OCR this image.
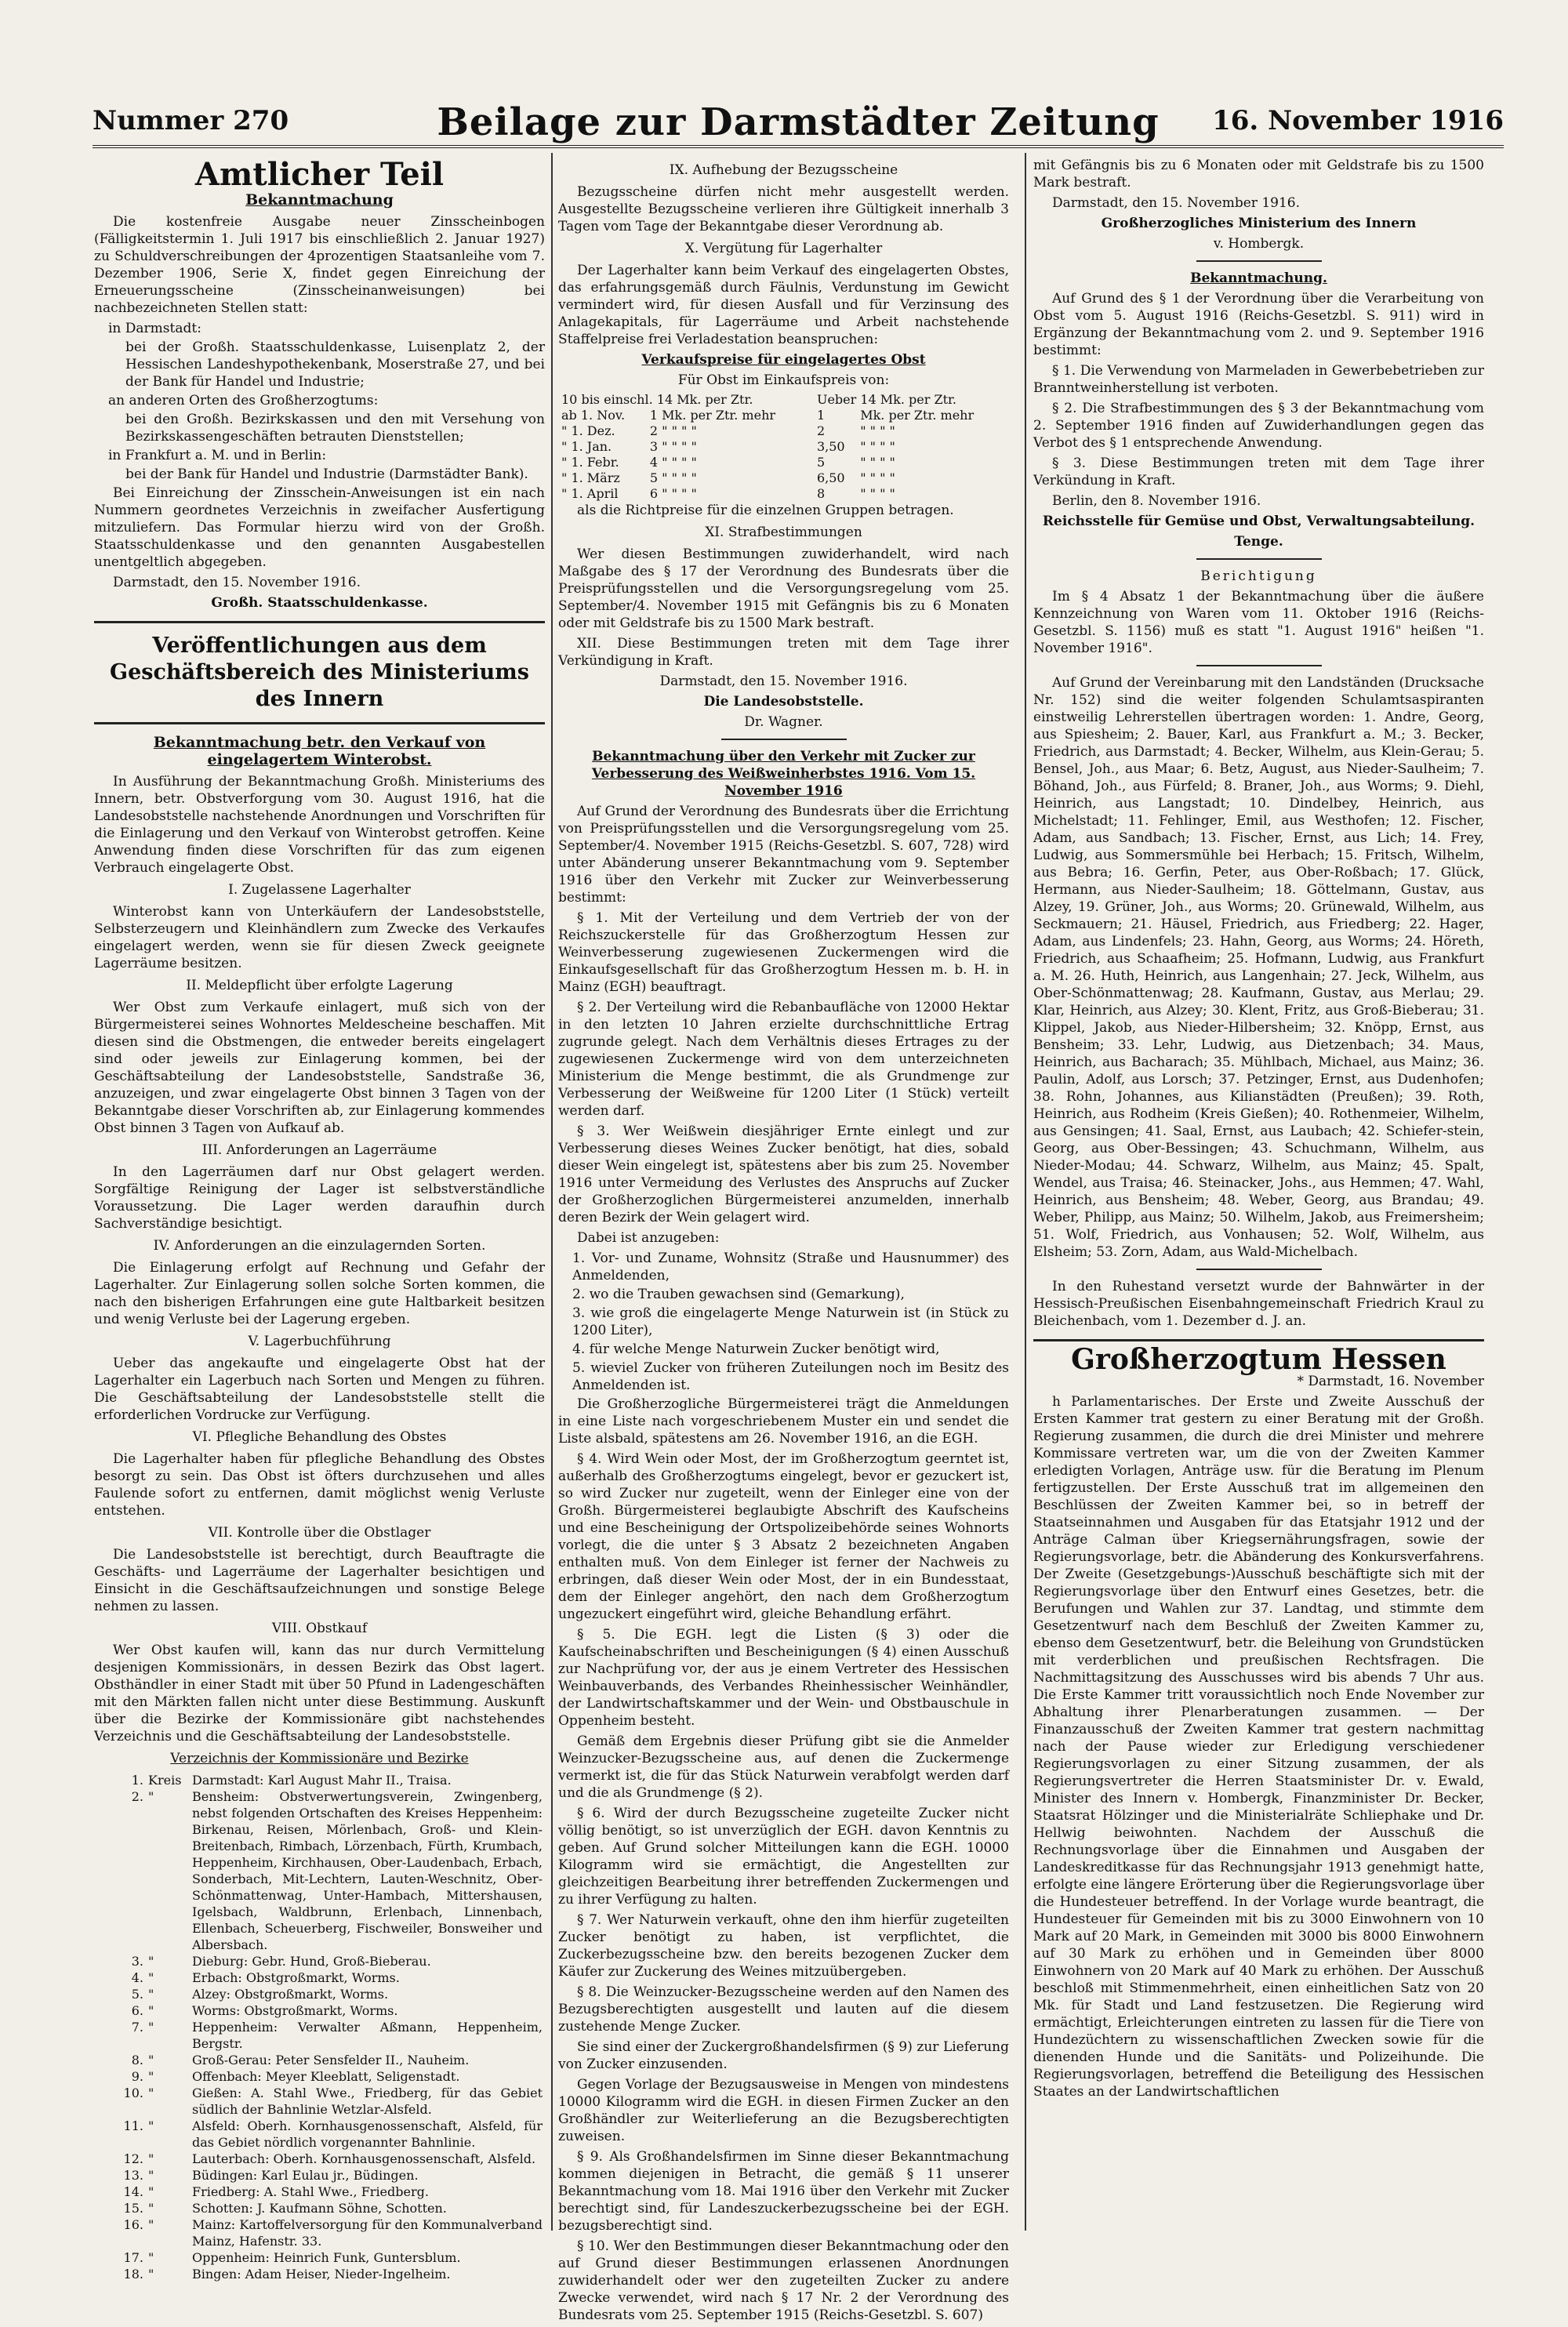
Nummer 270	Beilage zur Darmstädter Zeitung	16. November 1916
Amtlicher Teil
Bekanntmachung

Die kostenfreie Ausgabe neuer Zinsscheinbogen (Fälligkeitstermin 1. Juli 1917 bis einschließlich 2. Januar 1927) zu Schuldverschreibungen der 4prozentigen Staatsanleihe vom 7. Dezember 1906, Serie X, findet gegen Einreichung der Erneuerungsscheine (Zinsscheinanweisungen) bei nachbezeichneten Stellen statt:

in Darmstadt:

bei der Großh. Staatsschuldenkasse, Luisenplatz 2, der Hessischen Landeshypothekenbank, Moserstraße 27, und bei der Bank für Handel und Industrie;

an anderen Orten des Großherzogtums:

bei den Großh. Bezirkskassen und den mit Versehung von Bezirkskassengeschäften betrauten Dienststellen;

in Frankfurt a. M. und in Berlin:

bei der Bank für Handel und Industrie (Darmstädter Bank).

Bei Einreichung der Zinsschein-Anweisungen ist ein nach Nummern geordnetes Verzeichnis in zweifacher Ausfertigung mitzuliefern. Das Formular hierzu wird von der Großh. Staatsschuldenkasse und den genannten Ausgabestellen unentgeltlich abgegeben.

Darmstadt, den 15. November 1916.

Großh. Staatsschuldenkasse.

Veröffentlichungen aus dem Geschäftsbereich des Ministeriums des Innern
Bekanntmachung betr. den Verkauf von eingelagertem Winterobst.

In Ausführung der Bekanntmachung Großh. Ministeriums des Innern, betr. Obstverforgung vom 30. August 1916, hat die Landesobststelle nachstehende Anordnungen und Vorschriften für die Einlagerung und den Verkauf von Winterobst getroffen. Keine Anwendung finden diese Vorschriften für das zum eigenen Verbrauch eingelagerte Obst.

I. Zugelassene Lagerhalter

Winterobst kann von Unterkäufern der Landesobststelle, Selbsterzeugern und Kleinhändlern zum Zwecke des Verkaufes eingelagert werden, wenn sie für diesen Zweck geeignete Lagerräume besitzen.

II. Meldepflicht über erfolgte Lagerung

Wer Obst zum Verkaufe einlagert, muß sich von der Bürgermeisterei seines Wohnortes Meldescheine beschaffen. Mit diesen sind die Obstmengen, die entweder bereits eingelagert sind oder jeweils zur Einlagerung kommen, bei der Geschäftsabteilung der Landesobststelle, Sandstraße 36, anzuzeigen, und zwar eingelagerte Obst binnen 3 Tagen von der Bekanntgabe dieser Vorschriften ab, zur Einlagerung kommendes Obst binnen 3 Tagen von Aufkauf ab.

III. Anforderungen an Lagerräume

In den Lagerräumen darf nur Obst gelagert werden. Sorgfältige Reinigung der Lager ist selbstverständliche Voraussetzung. Die Lager werden daraufhin durch Sachverständige besichtigt.

IV. Anforderungen an die einzulagernden Sorten.

Die Einlagerung erfolgt auf Rechnung und Gefahr der Lagerhalter. Zur Einlagerung sollen solche Sorten kommen, die nach den bisherigen Erfahrungen eine gute Haltbarkeit besitzen und wenig Verluste bei der Lagerung ergeben.

V. Lagerbuchführung

Ueber das angekaufte und eingelagerte Obst hat der Lagerhalter ein Lagerbuch nach Sorten und Mengen zu führen. Die Geschäftsabteilung der Landesobststelle stellt die erforderlichen Vordrucke zur Verfügung.

VI. Pflegliche Behandlung des Obstes

Die Lagerhalter haben für pflegliche Behandlung des Obstes besorgt zu sein. Das Obst ist öfters durchzusehen und alles Faulende sofort zu entfernen, damit möglichst wenig Verluste entstehen.

VII. Kontrolle über die Obstlager

Die Landesobststelle ist berechtigt, durch Beauftragte die Geschäfts- und Lagerräume der Lagerhalter besichtigen und Einsicht in die Geschäftsaufzeichnungen und sonstige Belege nehmen zu lassen.

VIII. Obstkauf

Wer Obst kaufen will, kann das nur durch Vermittelung desjenigen Kommissionärs, in dessen Bezirk das Obst lagert. Obsthändler in einer Stadt mit über 50 Pfund in Ladengeschäften mit den Märkten fallen nicht unter diese Bestimmung. Auskunft über die Bezirke der Kommissionäre gibt nachstehendes Verzeichnis und die Geschäftsabteilung der Landesobststelle.

Verzeichnis der Kommissionäre und Bezirke
1.	Kreis	Darmstadt: Karl August Mahr II., Traisa.
2.	"	Bensheim: Obstverwertungsverein, Zwingenberg, nebst folgenden Ortschaften des Kreises Heppenheim: Birkenau, Reisen, Mörlenbach, Groß- und Klein-Breitenbach, Rimbach, Lörzenbach, Fürth, Krumbach, Heppenheim, Kirchhausen, Ober-Laudenbach, Erbach, Sonderbach, Mit-Lechtern, Lauten-Weschnitz, Ober-Schönmattenwag, Unter-Hambach, Mittershausen, Igelsbach, Waldbrunn, Erlenbach, Linnenbach, Ellenbach, Scheuerberg, Fischweiler, Bonsweiher und Albersbach.
3.	"	Dieburg: Gebr. Hund, Groß-Bieberau.
4.	"	Erbach: Obstgroßmarkt, Worms.
5.	"	Alzey: Obstgroßmarkt, Worms.
6.	"	Worms: Obstgroßmarkt, Worms.
7.	"	Heppenheim: Verwalter Aßmann, Heppenheim, Bergstr.
8.	"	Groß-Gerau: Peter Sensfelder II., Nauheim.
9.	"	Offenbach: Meyer Kleeblatt, Seligenstadt.
10.	"	Gießen: A. Stahl Wwe., Friedberg, für das Gebiet südlich der Bahnlinie Wetzlar-Alsfeld.
11.	"	Alsfeld: Oberh. Kornhausgenossenschaft, Alsfeld, für das Gebiet nördlich vorgenannter Bahnlinie.
12.	"	Lauterbach: Oberh. Kornhausgenossenschaft, Alsfeld.
13.	"	Büdingen: Karl Eulau jr., Büdingen.
14.	"	Friedberg: A. Stahl Wwe., Friedberg.
15.	"	Schotten: J. Kaufmann Söhne, Schotten.
16.	"	Mainz: Kartoffelversorgung für den Kommunalverband Mainz, Hafenstr. 33.
17.	"	Oppenheim: Heinrich Funk, Guntersblum.
18.	"	Bingen: Adam Heiser, Nieder-Ingelheim.
IX. Aufhebung der Bezugsscheine

Bezugsscheine dürfen nicht mehr ausgestellt werden. Ausgestellte Bezugsscheine verlieren ihre Gültigkeit innerhalb 3 Tagen vom Tage der Bekanntgabe dieser Verordnung ab.

X. Vergütung für Lagerhalter

Der Lagerhalter kann beim Verkauf des eingelagerten Obstes, das erfahrungsgemäß durch Fäulnis, Verdunstung im Gewicht vermindert wird, für diesen Ausfall und für Verzinsung des Anlagekapitals, für Lagerräume und Arbeit nachstehende Staffelpreise frei Verladestation beanspruchen:

Verkaufspreise für eingelagertes Obst

Für Obst im Einkaufspreis von:

10 bis einschl. 14 Mk. per Ztr.		Ueber 14 Mk. per Ztr.	
ab 1. Nov.	1 Mk. per Ztr. mehr	1	Mk. per Ztr. mehr
" 1. Dez.	2 " " " "	2	" " " "
" 1. Jan.	3 " " " "	3,50	" " " "
" 1. Febr.	4 " " " "	5	" " " "
" 1. März	5 " " " "	6,50	" " " "
" 1. April	6 " " " "	8	" " " "

als die Richtpreise für die einzelnen Gruppen betragen.

XI. Strafbestimmungen

Wer diesen Bestimmungen zuwiderhandelt, wird nach Maßgabe des § 17 der Verordnung des Bundesrats über die Preisprüfungsstellen und die Versorgungsregelung vom 25. September/4. November 1915 mit Gefängnis bis zu 6 Monaten oder mit Geldstrafe bis zu 1500 Mark bestraft.

XII. Diese Bestimmungen treten mit dem Tage ihrer Verkündigung in Kraft.

Darmstadt, den 15. November 1916.

Die Landesobststelle.

Dr. Wagner.

Bekanntmachung über den Verkehr mit Zucker zur Verbesserung des Weißweinherbstes 1916. Vom 15. November 1916

Auf Grund der Verordnung des Bundesrats über die Errichtung von Preisprüfungsstellen und die Versorgungsregelung vom 25. September/4. November 1915 (Reichs-Gesetzbl. S. 607, 728) wird unter Abänderung unserer Bekanntmachung vom 9. September 1916 über den Verkehr mit Zucker zur Weinverbesserung bestimmt:

§ 1. Mit der Verteilung und dem Vertrieb der von der Reichszuckerstelle für das Großherzogtum Hessen zur Weinverbesserung zugewiesenen Zuckermengen wird die Einkaufsgesellschaft für das Großherzogtum Hessen m. b. H. in Mainz (EGH) beauftragt.

§ 2. Der Verteilung wird die Rebanbaufläche von 12000 Hektar in den letzten 10 Jahren erzielte durchschnittliche Ertrag zugrunde gelegt. Nach dem Verhältnis dieses Ertrages zu der zugewiesenen Zuckermenge wird von dem unterzeichneten Ministerium die Menge bestimmt, die als Grundmenge zur Verbesserung der Weißweine für 1200 Liter (1 Stück) verteilt werden darf.

§ 3. Wer Weißwein diesjähriger Ernte einlegt und zur Verbesserung dieses Weines Zucker benötigt, hat dies, sobald dieser Wein eingelegt ist, spätestens aber bis zum 25. November 1916 unter Vermeidung des Verlustes des Anspruchs auf Zucker der Großherzoglichen Bürgermeisterei anzumelden, innerhalb deren Bezirk der Wein gelagert wird.

Dabei ist anzugeben:

1. Vor- und Zuname, Wohnsitz (Straße und Hausnummer) des Anmeldenden,

2. wo die Trauben gewachsen sind (Gemarkung),

3. wie groß die eingelagerte Menge Naturwein ist (in Stück zu 1200 Liter),

4. für welche Menge Naturwein Zucker benötigt wird,

5. wieviel Zucker von früheren Zuteilungen noch im Besitz des Anmeldenden ist.

Die Großherzogliche Bürgermeisterei trägt die Anmeldungen in eine Liste nach vorgeschriebenem Muster ein und sendet die Liste alsbald, spätestens am 26. November 1916, an die EGH.

§ 4. Wird Wein oder Most, der im Großherzogtum geerntet ist, außerhalb des Großherzogtums eingelegt, bevor er gezuckert ist, so wird Zucker nur zugeteilt, wenn der Einleger eine von der Großh. Bürgermeisterei beglaubigte Abschrift des Kaufscheins und eine Bescheinigung der Ortspolizeibehörde seines Wohnorts vorlegt, die die unter § 3 Absatz 2 bezeichneten Angaben enthalten muß. Von dem Einleger ist ferner der Nachweis zu erbringen, daß dieser Wein oder Most, der in ein Bundesstaat, dem der Einleger angehört, den nach dem Großherzogtum ungezuckert eingeführt wird, gleiche Behandlung erfährt.

§ 5. Die EGH. legt die Listen (§ 3) oder die Kaufscheinabschriften und Bescheinigungen (§ 4) einen Ausschuß zur Nachprüfung vor, der aus je einem Vertreter des Hessischen Weinbauverbands, des Verbandes Rheinhessischer Weinhändler, der Landwirtschaftskammer und der Wein- und Obstbauschule in Oppenheim besteht.

Gemäß dem Ergebnis dieser Prüfung gibt sie die Anmelder Weinzucker-Bezugsscheine aus, auf denen die Zuckermenge vermerkt ist, die für das Stück Naturwein verabfolgt werden darf und die als Grundmenge (§ 2).

§ 6. Wird der durch Bezugsscheine zugeteilte Zucker nicht völlig benötigt, so ist unverzüglich der EGH. davon Kenntnis zu geben. Auf Grund solcher Mitteilungen kann die EGH. 10000 Kilogramm wird sie ermächtigt, die Angestellten zur gleichzeitigen Bearbeitung ihrer betreffenden Zuckermengen und zu ihrer Verfügung zu halten.

§ 7. Wer Naturwein verkauft, ohne den ihm hierfür zugeteilten Zucker benötigt zu haben, ist verpflichtet, die Zuckerbezugsscheine bzw. den bereits bezogenen Zucker dem Käufer zur Zuckerung des Weines mitzuübergeben.

§ 8. Die Weinzucker-Bezugsscheine werden auf den Namen des Bezugsberechtigten ausgestellt und lauten auf die diesem zustehende Menge Zucker.

Sie sind einer der Zuckergroßhandelsfirmen (§ 9) zur Lieferung von Zucker einzusenden.

Gegen Vorlage der Bezugsausweise in Mengen von mindestens 10000 Kilogramm wird die EGH. in diesen Firmen Zucker an den Großhändler zur Weiterlieferung an die Bezugsberechtigten zuweisen.

§ 9. Als Großhandelsfirmen im Sinne dieser Bekanntmachung kommen diejenigen in Betracht, die gemäß § 11 unserer Bekanntmachung vom 18. Mai 1916 über den Verkehr mit Zucker berechtigt sind, für Landeszuckerbezugsscheine bei der EGH. bezugsberechtigt sind.

§ 10. Wer den Bestimmungen dieser Bekanntmachung oder den auf Grund dieser Bestimmungen erlassenen Anordnungen zuwiderhandelt oder wer den zugeteilten Zucker zu andere Zwecke verwendet, wird nach § 17 Nr. 2 der Verordnung des Bundesrats vom 25. September 1915 (Reichs-Gesetzbl. S. 607)

mit Gefängnis bis zu 6 Monaten oder mit Geldstrafe bis zu 1500 Mark bestraft.

Darmstadt, den 15. November 1916.

Großherzogliches Ministerium des Innern

v. Hombergk.

Bekanntmachung.

Auf Grund des § 1 der Verordnung über die Verarbeitung von Obst vom 5. August 1916 (Reichs-Gesetzbl. S. 911) wird in Ergänzung der Bekanntmachung vom 2. und 9. September 1916 bestimmt:

§ 1. Die Verwendung von Marmeladen in Gewerbebetrieben zur Branntweinherstellung ist verboten.

§ 2. Die Strafbestimmungen des § 3 der Bekanntmachung vom 2. September 1916 finden auf Zuwiderhandlungen gegen das Verbot des § 1 entsprechende Anwendung.

§ 3. Diese Bestimmungen treten mit dem Tage ihrer Verkündung in Kraft.

Berlin, den 8. November 1916.

Reichsstelle für Gemüse und Obst, Verwaltungsabteilung.

Tenge.

Berichtigung

Im § 4 Absatz 1 der Bekanntmachung über die äußere Kennzeichnung von Waren vom 11. Oktober 1916 (Reichs-Gesetzbl. S. 1156) muß es statt "1. August 1916" heißen "1. November 1916".

Auf Grund der Vereinbarung mit den Landständen (Drucksache Nr. 152) sind die weiter folgenden Schulamtsaspiranten einstweilig Lehrerstellen übertragen worden: 1. Andre, Georg, aus Spiesheim; 2. Bauer, Karl, aus Frankfurt a. M.; 3. Becker, Friedrich, aus Darmstadt; 4. Becker, Wilhelm, aus Klein-Gerau; 5. Bensel, Joh., aus Maar; 6. Betz, August, aus Nieder-Saulheim; 7. Böhand, Joh., aus Fürfeld; 8. Braner, Joh., aus Worms; 9. Diehl, Heinrich, aus Langstadt; 10. Dindelbey, Heinrich, aus Michelstadt; 11. Fehlinger, Emil, aus Westhofen; 12. Fischer, Adam, aus Sandbach; 13. Fischer, Ernst, aus Lich; 14. Frey, Ludwig, aus Sommersmühle bei Herbach; 15. Fritsch, Wilhelm, aus Bebra; 16. Gerfin, Peter, aus Ober-Roßbach; 17. Glück, Hermann, aus Nieder-Saulheim; 18. Göttelmann, Gustav, aus Alzey, 19. Grüner, Joh., aus Worms; 20. Grünewald, Wilhelm, aus Seckmauern; 21. Häusel, Friedrich, aus Friedberg; 22. Hager, Adam, aus Lindenfels; 23. Hahn, Georg, aus Worms; 24. Höreth, Friedrich, aus Schaafheim; 25. Hofmann, Ludwig, aus Frankfurt a. M. 26. Huth, Heinrich, aus Langenhain; 27. Jeck, Wilhelm, aus Ober-Schönmattenwag; 28. Kaufmann, Gustav, aus Merlau; 29. Klar, Heinrich, aus Alzey; 30. Klent, Fritz, aus Groß-Bieberau; 31. Klippel, Jakob, aus Nieder-Hilbersheim; 32. Knöpp, Ernst, aus Bensheim; 33. Lehr, Ludwig, aus Dietzenbach; 34. Maus, Heinrich, aus Bacharach; 35. Mühlbach, Michael, aus Mainz; 36. Paulin, Adolf, aus Lorsch; 37. Petzinger, Ernst, aus Dudenhofen; 38. Rohn, Johannes, aus Kilianstädten (Preußen); 39. Roth, Heinrich, aus Rodheim (Kreis Gießen); 40. Rothenmeier, Wilhelm, aus Gensingen; 41. Saal, Ernst, aus Laubach; 42. Schiefer-stein, Georg, aus Ober-Bessingen; 43. Schuchmann, Wilhelm, aus Nieder-Modau; 44. Schwarz, Wilhelm, aus Mainz; 45. Spalt, Wendel, aus Traisa; 46. Steinacker, Johs., aus Hemmen; 47. Wahl, Heinrich, aus Bensheim; 48. Weber, Georg, aus Brandau; 49. Weber, Philipp, aus Mainz; 50. Wilhelm, Jakob, aus Freimersheim; 51. Wolf, Friedrich, aus Vonhausen; 52. Wolf, Wilhelm, aus Elsheim; 53. Zorn, Adam, aus Wald-Michelbach.

In den Ruhestand versetzt wurde der Bahnwärter in der Hessisch-Preußischen Eisenbahngemeinschaft Friedrich Kraul zu Bleichenbach, vom 1. Dezember d. J. an.

Großherzogtum Hessen

* Darmstadt, 16. November

h Parlamentarisches. Der Erste und Zweite Ausschuß der Ersten Kammer trat gestern zu einer Beratung mit der Großh. Regierung zusammen, die durch die drei Minister und mehrere Kommissare vertreten war, um die von der Zweiten Kammer erledigten Vorlagen, Anträge usw. für die Beratung im Plenum fertigzustellen. Der Erste Ausschuß trat im allgemeinen den Beschlüssen der Zweiten Kammer bei, so in betreff der Staatseinnahmen und Ausgaben für das Etatsjahr 1912 und der Anträge Calman über Kriegsernährungsfragen, sowie der Regierungsvorlage, betr. die Abänderung des Konkursverfahrens. Der Zweite (Gesetzgebungs-)Ausschuß beschäftigte sich mit der Regierungsvorlage über den Entwurf eines Gesetzes, betr. die Berufungen und Wahlen zur 37. Landtag, und stimmte dem Gesetzentwurf nach dem Beschluß der Zweiten Kammer zu, ebenso dem Gesetzentwurf, betr. die Beleihung von Grundstücken mit verderblichen und preußischen Rechtsfragen. Die Nachmittagsitzung des Ausschusses wird bis abends 7 Uhr aus. Die Erste Kammer tritt voraussichtlich noch Ende November zur Abhaltung ihrer Plenarberatungen zusammen. — Der Finanzausschuß der Zweiten Kammer trat gestern nachmittag nach der Pause wieder zur Erledigung verschiedener Regierungsvorlagen zu einer Sitzung zusammen, der als Regierungsvertreter die Herren Staatsminister Dr. v. Ewald, Minister des Innern v. Hombergk, Finanzminister Dr. Becker, Staatsrat Hölzinger und die Ministerialräte Schliephake und Dr. Hellwig beiwohnten. Nachdem der Ausschuß die Rechnungsvorlage über die Einnahmen und Ausgaben der Landeskreditkasse für das Rechnungsjahr 1913 genehmigt hatte, erfolgte eine längere Erörterung über die Regierungsvorlage über die Hundesteuer betreffend. In der Vorlage wurde beantragt, die Hundesteuer für Gemeinden mit bis zu 3000 Einwohnern von 10 Mark auf 20 Mark, in Gemeinden mit 3000 bis 8000 Einwohnern auf 30 Mark zu erhöhen und in Gemeinden über 8000 Einwohnern von 20 Mark auf 40 Mark zu erhöhen. Der Ausschuß beschloß mit Stimmenmehrheit, einen einheitlichen Satz von 20 Mk. für Stadt und Land festzusetzen. Die Regierung wird ermächtigt, Erleichterungen eintreten zu lassen für die Tiere von Hundezüchtern zu wissenschaftlichen Zwecken sowie für die dienenden Hunde und die Sanitäts- und Polizeihunde. Die Regierungsvorlagen, betreffend die Beteiligung des Hessischen Staates an der Landwirtschaftlichen
